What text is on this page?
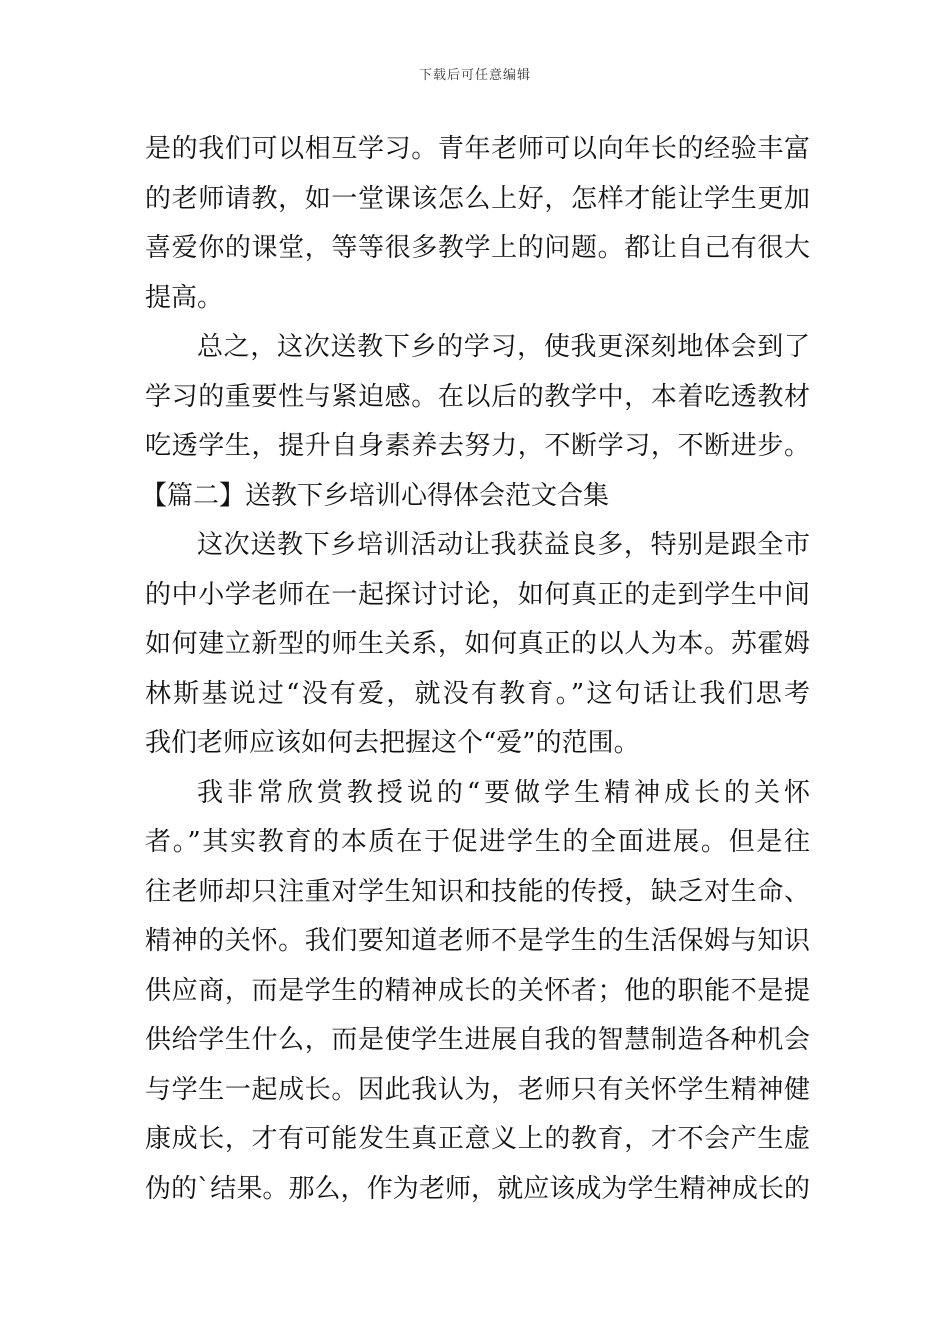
下载后可任意编辑
是的我们可以相互学习。青年老师可以向年长的经验丰富
的老师请教，如一堂课该怎么上好，怎样才能让学生更加
喜爱你的课堂，等等很多教学上的问题。都让自己有很大
提高。
总之，这次送教下乡的学习，使我更深刻地体会到了
学习的重要性与紧迫感。在以后的教学中，本着吃透教材
吃透学生，提升自身素养去努力，不断学习，不断进步。
【篇二】送教下乡培训心得体会范文合集
这次送教下乡培训活动让我获益良多，特别是跟全市
的中小学老师在一起探讨讨论，如何真正的走到学生中间
如何建立新型的师生关系，如何真正的以人为本。苏霍姆
林斯基说过“没有爱，就没有教育。”这句话让我们思考
我们老师应该如何去把握这个“爱”的范围。
我非常欣赏教授说的“要做学生精神成长的关怀
者。”其实教育的本质在于促进学生的全面进展。但是往
往老师却只注重对学生知识和技能的传授，缺乏对生命、
精神的关怀。我们要知道老师不是学生的生活保姆与知识
供应商，而是学生的精神成长的关怀者；他的职能不是提
供给学生什么，而是使学生进展自我的智慧制造各种机会
与学生一起成长。因此我认为，老师只有关怀学生精神健
康成长，才有可能发生真正意义上的教育，才不会产生虚
伪的`结果。那么，作为老师，就应该成为学生精神成长的
